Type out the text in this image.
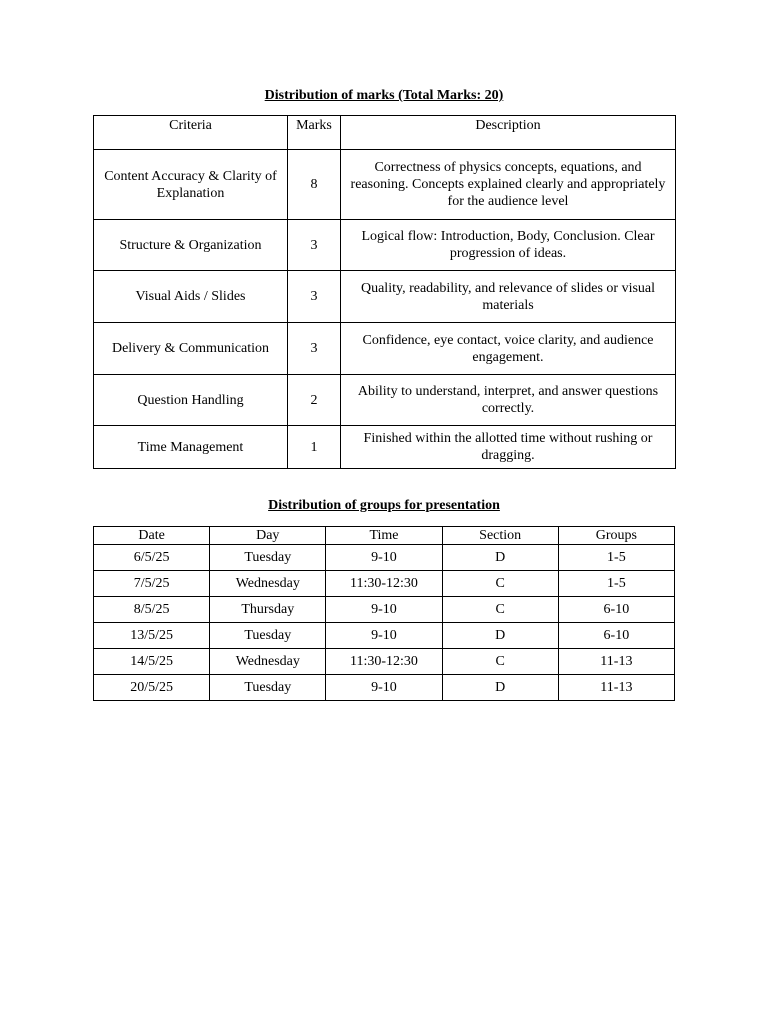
Distribution of marks (Total Marks: 20)
Criteria	Marks	Description
Content Accuracy & Clarity of Explanation	8	Correctness of physics concepts, equations, and reasoning. Concepts explained clearly and appropriately for the audience level
Structure & Organization	3	Logical flow: Introduction, Body, Conclusion. Clear progression of ideas.
Visual Aids / Slides	3	Quality, readability, and relevance of slides or visual materials
Delivery & Communication	3	Confidence, eye contact, voice clarity, and audience engagement.
Question Handling	2	Ability to understand, interpret, and answer questions correctly.
Time Management	1	Finished within the allotted time without rushing or dragging.
Distribution of groups for presentation
Date	Day	Time	Section	Groups
6/5/25	Tuesday	9-10	D	1-5
7/5/25	Wednesday	11:30-12:30	C	1-5
8/5/25	Thursday	9-10	C	6-10
13/5/25	Tuesday	9-10	D	6-10
14/5/25	Wednesday	11:30-12:30	C	11-13
20/5/25	Tuesday	9-10	D	11-13
